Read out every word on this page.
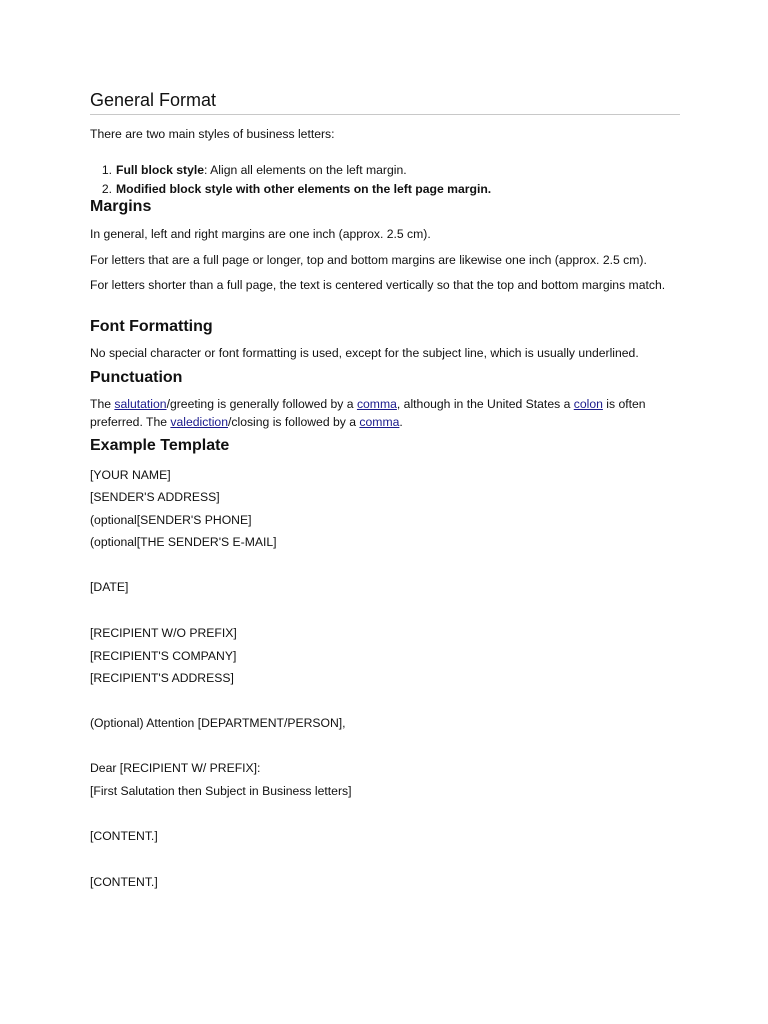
General Format

There are two main styles of business letters:

1. Full block style: Align all elements on the left margin.
2. Modified block style with other elements on the left page margin.
Margins

In general, left and right margins are one inch (approx. 2.5 cm).

For letters that are a full page or longer, top and bottom margins are likewise one inch (approx. 2.5 cm).

For letters shorter than a full page, the text is centered vertically so that the top and bottom margins match.

Font Formatting

No special character or font formatting is used, except for the subject line, which is usually underlined.

Punctuation

The salutation/greeting is generally followed by a comma, although in the United States a colon is often preferred. The valediction/closing is followed by a comma.

Example Template

[YOUR NAME]

[SENDER'S ADDRESS]

(optional[SENDER'S PHONE]

(optional[THE SENDER'S E-MAIL]

[DATE]

[RECIPIENT W/O PREFIX]

[RECIPIENT'S COMPANY]

[RECIPIENT'S ADDRESS]

(Optional) Attention [DEPARTMENT/PERSON],

Dear [RECIPIENT W/ PREFIX]:

[First Salutation then Subject in Business letters]

[CONTENT.]

[CONTENT.]
